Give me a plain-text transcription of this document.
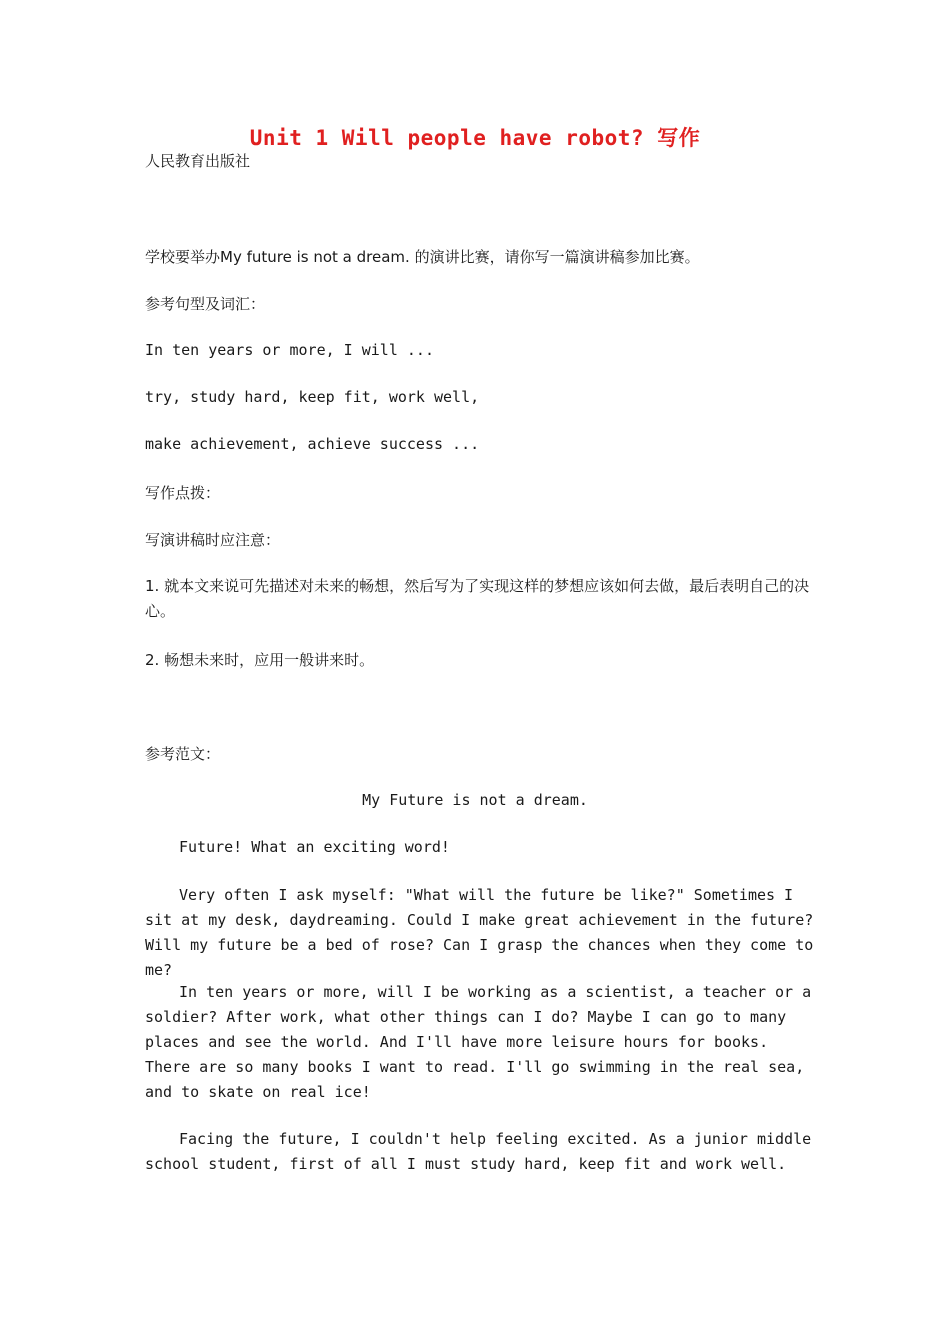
Unit 1 Will people have robot? 写作
人民教育出版社
学校要举办My future is not a dream. 的演讲比赛，请你写一篇演讲稿参加比赛。
参考句型及词汇：
In ten years or more, I will ...
try, study hard, keep fit, work well,
make achievement, achieve success ...
写作点拨：
写演讲稿时应注意：
1. 就本文来说可先描述对未来的畅想，然后写为了实现这样的梦想应该如何去做，最后表明自己的决心。
2. 畅想未来时，应用一般讲来时。
参考范文：
My Future is not a dream.
Future! What an exciting word!
Very often I ask myself: "What will the future be like?" Sometimes I sit at my desk, daydreaming. Could I make great achievement in the future? Will my future be a bed of rose? Can I grasp the chances when they come to me?
In ten years or more, will I be working as a scientist, a teacher or a soldier? After work, what other things can I do? Maybe I can go to many places and see the world. And I'll have more leisure hours for books. There are so many books I want to read. I'll go swimming in the real sea, and to skate on real ice!
Facing the future, I couldn't help feeling excited. As a junior middle school student, first of all I must study hard, keep fit and work well.
